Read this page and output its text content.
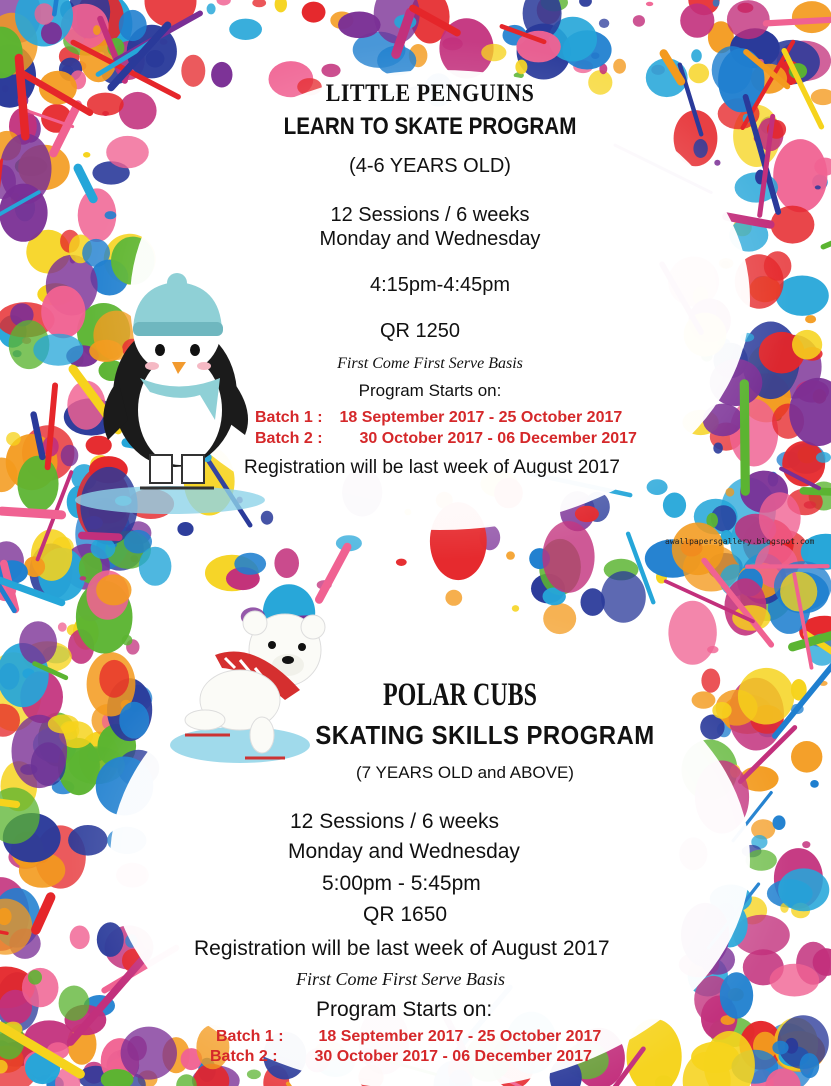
LITTLE PENGUINS
LEARN TO SKATE PROGRAM
(4-6 YEARS OLD)
12 Sessions / 6 weeks
Monday and Wednesday
4:15pm-4:45pm
QR 1250
First Come First Serve Basis
Program Starts on:
Batch 1 : 18 September 2017 - 25 October 2017
Batch 2 : 30 October 2017 - 06 December 2017
Registration will be last week of August 2017
awallpapersgallery.blogspot.com
POLAR CUBS
SKATING SKILLS PROGRAM
(7 YEARS OLD and ABOVE)
12 Sessions / 6 weeks
Monday and Wednesday
5:00pm - 5:45pm
QR 1650
Registration will be last week of August 2017
First Come First Serve Basis
Program Starts on:
Batch 1 : 18 September 2017 - 25 October 2017
Batch 2 : 30 October 2017 - 06 December 2017
